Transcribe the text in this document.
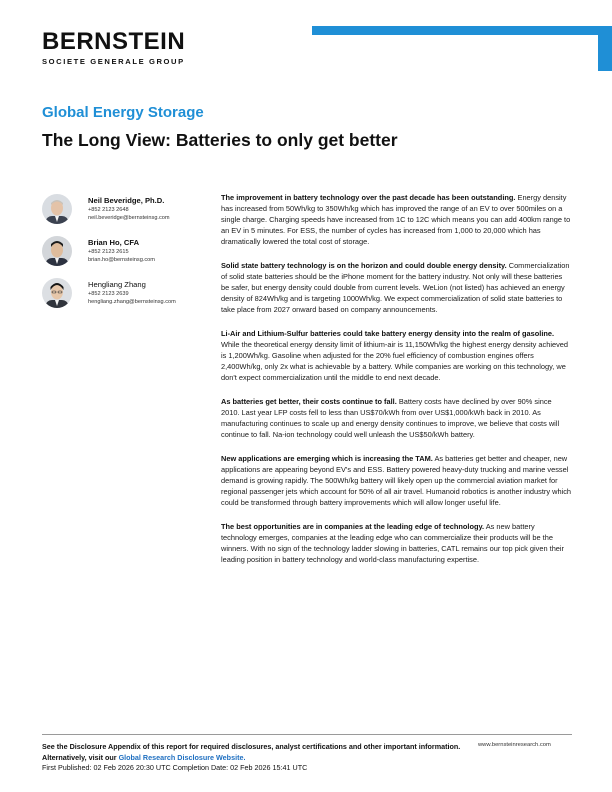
BERNSTEIN
SOCIETE GENERALE GROUP
Global Energy Storage
The Long View: Batteries to only get better
Neil Beveridge, Ph.D.
+852 2123 2648
neil.beveridge@bernsteinsg.com
Brian Ho, CFA
+852 2123 2615
brian.ho@bernsteinsg.com
Hengliang Zhang
+852 2123 2639
hengliang.zhang@bernsteinsg.com

The improvement in battery technology over the past decade has been outstanding. Energy density has increased from 50Wh/kg to 350Wh/kg which has improved the range of an EV to over 500miles on a single charge. Charging speeds have increased from 1C to 12C which means you can add 400km range to an EV in 5 minutes. For ESS, the number of cycles has increased from 1,000 to 20,000 which has dramatically lowered the total cost of storage.

Solid state battery technology is on the horizon and could double energy density. Commercialization of solid state batteries should be the iPhone moment for the battery industry. Not only will these batteries be safer, but energy density could double from current levels. WeLion (not listed) has achieved an energy density of 824Wh/kg and is targeting 1000Wh/kg. We expect commercialization of solid state batteries to take place from 2027 onward based on company announcements.

Li-Air and Lithium-Sulfur batteries could take battery energy density into the realm of gasoline. While the theoretical energy density limit of lithium-air is 11,150Wh/kg the highest energy density achieved is 1,200Wh/kg. Gasoline when adjusted for the 20% fuel efficiency of combustion engines offers 2,400Wh/kg, only 2x what is achievable by a battery. While companies are working on this technology, we don't expect commercialization until the middle to end next decade.

As batteries get better, their costs continue to fall. Battery costs have declined by over 90% since 2010. Last year LFP costs fell to less than US$70/kWh from over US$1,000/kWh back in 2010. As manufacturing continues to scale up and energy density continues to improve, we believe that costs will continue to fall. Na-ion technology could well unleash the US$50/kWh battery.

New applications are emerging which is increasing the TAM. As batteries get better and cheaper, new applications are appearing beyond EV's and ESS. Battery powered heavy-duty trucking and marine vessel demand is growing rapidly. The 500Wh/kg battery will likely open up the commercial aviation market for regional passenger jets which account for 50% of all air travel. Humanoid robotics is another industry which could be transformed through battery improvements which will allow longer useful life.

The best opportunities are in companies at the leading edge of technology. As new battery technology emerges, companies at the leading edge who can commercialize their products will be the winners. With no sign of the technology ladder slowing in batteries, CATL remains our top pick given their leading position in battery technology and world-class manufacturing expertise.

See the Disclosure Appendix of this report for required disclosures, analyst certifications and other important information. Alternatively, visit our Global Research Disclosure Website.
First Published: 02 Feb 2026 20:30 UTC Completion Date: 02 Feb 2026 15:41 UTC
www.bernsteinresearch.com
